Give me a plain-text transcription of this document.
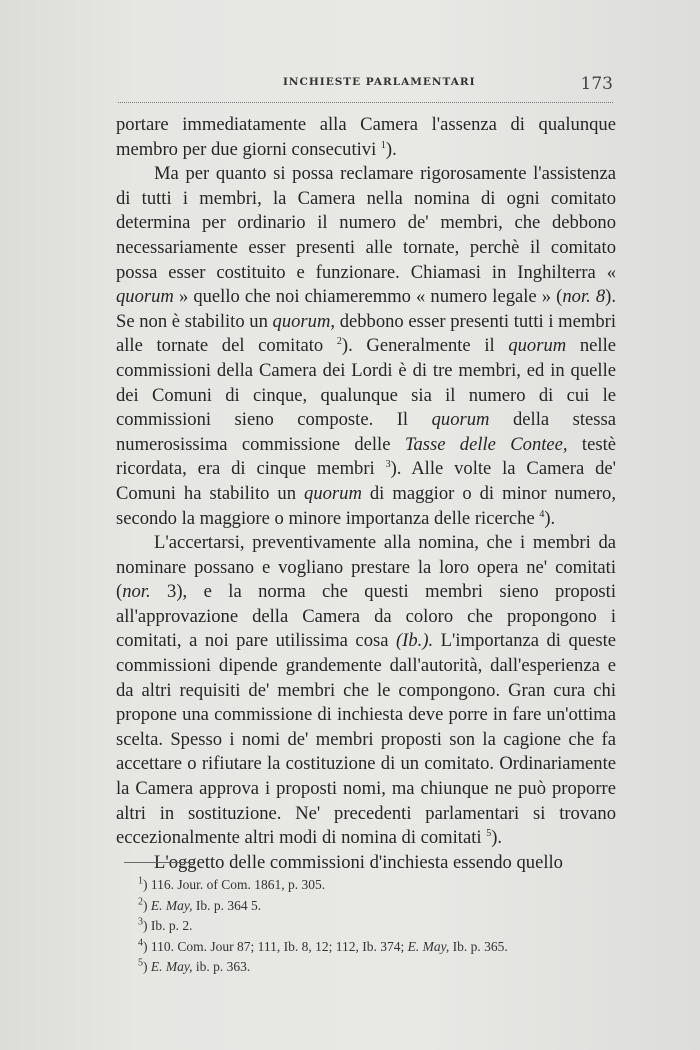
INCHIESTE PARLAMENTARI	173

portare immediatamente alla Camera l'assenza di qualunque membro per due giorni consecutivi $^1$).

Ma per quanto si possa reclamare rigorosamente l'assistenza di tutti i membri, la Camera nella nomina di ogni comitato determina per ordinario il numero de' membri, che debbono necessariamente esser presenti alle tornate, perchè il comitato possa esser costituito e funzionare. Chiamasi in Inghilterra « quorum » quello che noi chiameremmo « numero legale » (nor. 8). Se non è stabilito un quorum, debbono esser presenti tutti i membri alle tornate del comitato $^2$). Generalmente il quorum nelle commissioni della Camera dei Lordi è di tre membri, ed in quelle dei Comuni di cinque, qualunque sia il numero di cui le commissioni sieno composte. Il quorum della stessa numerosissima commissione delle Tasse delle Contee, testè ricordata, era di cinque membri $^3$). Alle volte la Camera de' Comuni ha stabilito un quorum di maggior o di minor numero, secondo la maggiore o minore importanza delle ricerche $^4$).

L'accertarsi, preventivamente alla nomina, che i membri da nominare possano e vogliano prestare la loro opera ne' comitati (nor. 3), e la norma che questi membri sieno proposti all'approvazione della Camera da coloro che propongono i comitati, a noi pare utilissima cosa (Ib.). L'importanza di queste commissioni dipende grandemente dall'autorità, dall'esperienza e da altri requisiti de' membri che le compongono. Gran cura chi propone una commissione di inchiesta deve porre in fare un'ottima scelta. Spesso i nomi de' membri proposti son la cagione che fa accettare o rifiutare la costituzione di un comitato. Ordinariamente la Camera approva i proposti nomi, ma chiunque ne può proporre altri in sostituzione. Ne' precedenti parlamentari si trovano eccezionalmente altri modi di nomina di comitati $^5$).

L'oggetto delle commissioni d'inchiesta essendo quello

$^1$) 116. Jour. of Com. 1861, p. 305.
$^2$) E. May, Ib. p. 364 5.
$^3$) Ib. p. 2.
$^4$) 110. Com. Jour 87; 111, Ib. 8, 12; 112, Ib. 374; E. May, Ib. p. 365.
$^5$) E. May, ib. p. 363.
